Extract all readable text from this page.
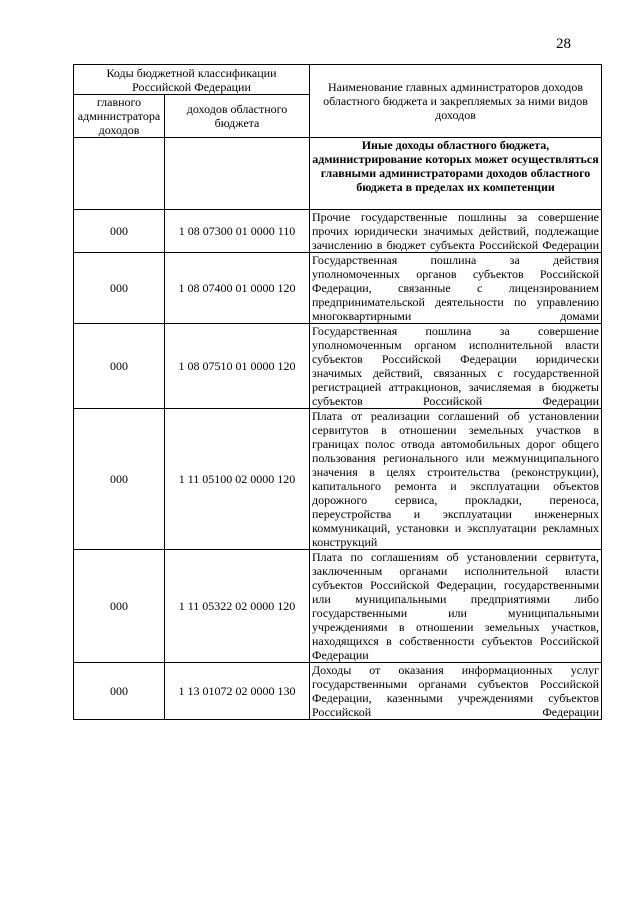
28
Коды бюджетной классификации Российской Федерации		Наименование главных администраторов доходов областного бюджета и закрепляемых за ними видов доходов
главного администратора доходов	доходов областного бюджета	
		Иные доходы областного бюджета, администрирование которых может осуществляться главными администраторами доходов областного бюджета в пределах их компетенции
000	1 08 07300 01 0000 110	Прочие государственные пошлины за совершение прочих юридически значимых действий, подлежащие зачислению в бюджет субъекта Российской Федерации
000	1 08 07400 01 0000 120	Государственная пошлина за действия уполномоченных органов субъектов Российской Федерации, связанные с лицензированием предпринимательской деятельности по управлению многоквартирными домами
000	1 08 07510 01 0000 120	Государственная пошлина за совершение уполномоченным органом исполнительной власти субъектов Российской Федерации юридически значимых действий, связанных с государственной регистрацией аттракционов, зачисляемая в бюджеты субъектов Российской Федерации
000	1 11 05100 02 0000 120	Плата от реализации соглашений об установлении сервитутов в отношении земельных участков в границах полос отвода автомобильных дорог общего пользования регионального или межмуниципального значения в целях строительства (реконструкции), капитального ремонта и эксплуатации объектов дорожного сервиса, прокладки, переноса, переустройства и эксплуатации инженерных коммуникаций, установки и эксплуатации рекламных конструкций
000	1 11 05322 02 0000 120	Плата по соглашениям об установлении сервитута, заключенным органами исполнительной власти субъектов Российской Федерации, государственными или муниципальными предприятиями либо государственными или муниципальными учреждениями в отношении земельных участков, находящихся в собственности субъектов Российской Федерации
000	1 13 01072 02 0000 130	Доходы от оказания информационных услуг государственными органами субъектов Российской Федерации, казенными учреждениями субъектов Российской Федерации
